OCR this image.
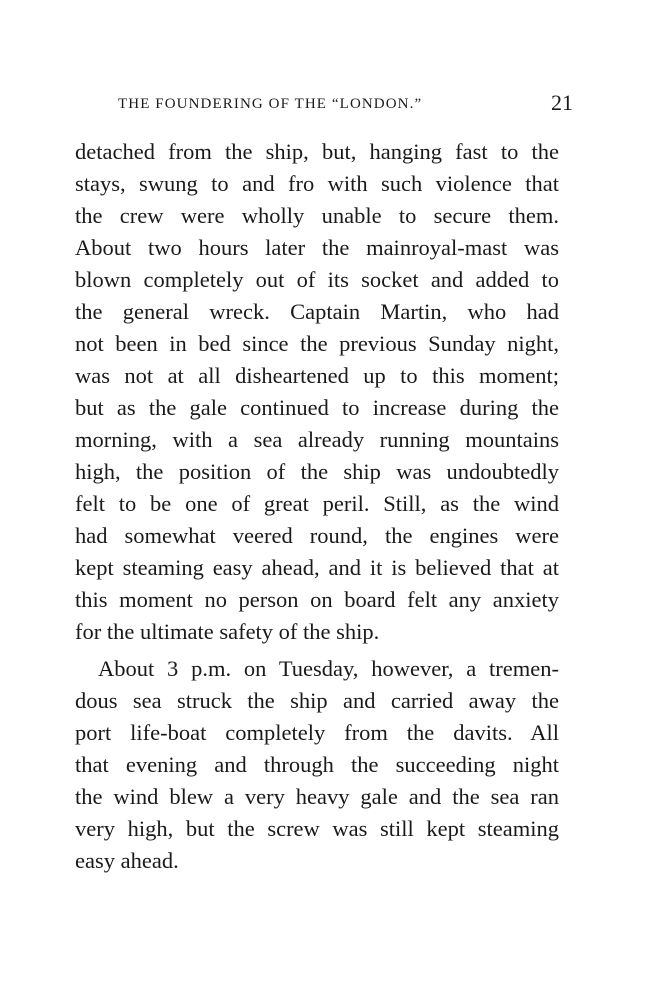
THE FOUNDERING OF THE “LONDON.”	21
detached from the ship, but, hanging fast to the
stays, swung to and fro with such violence that
the crew were wholly unable to secure them.
About two hours later the mainroyal-mast was
blown completely out of its socket and added to
the general wreck. Captain Martin, who had
not been in bed since the previous Sunday night,
was not at all disheartened up to this moment;
but as the gale continued to increase during the
morning, with a sea already running mountains
high, the position of the ship was undoubtedly
felt to be one of great peril. Still, as the wind
had somewhat veered round, the engines were
kept steaming easy ahead, and it is believed that at
this moment no person on board felt any anxiety
for the ultimate safety of the ship.
About 3 p.m. on Tuesday, however, a tremen-
dous sea struck the ship and carried away the
port life-boat completely from the davits. All
that evening and through the succeeding night
the wind blew a very heavy gale and the sea ran
very high, but the screw was still kept steaming
easy ahead.
